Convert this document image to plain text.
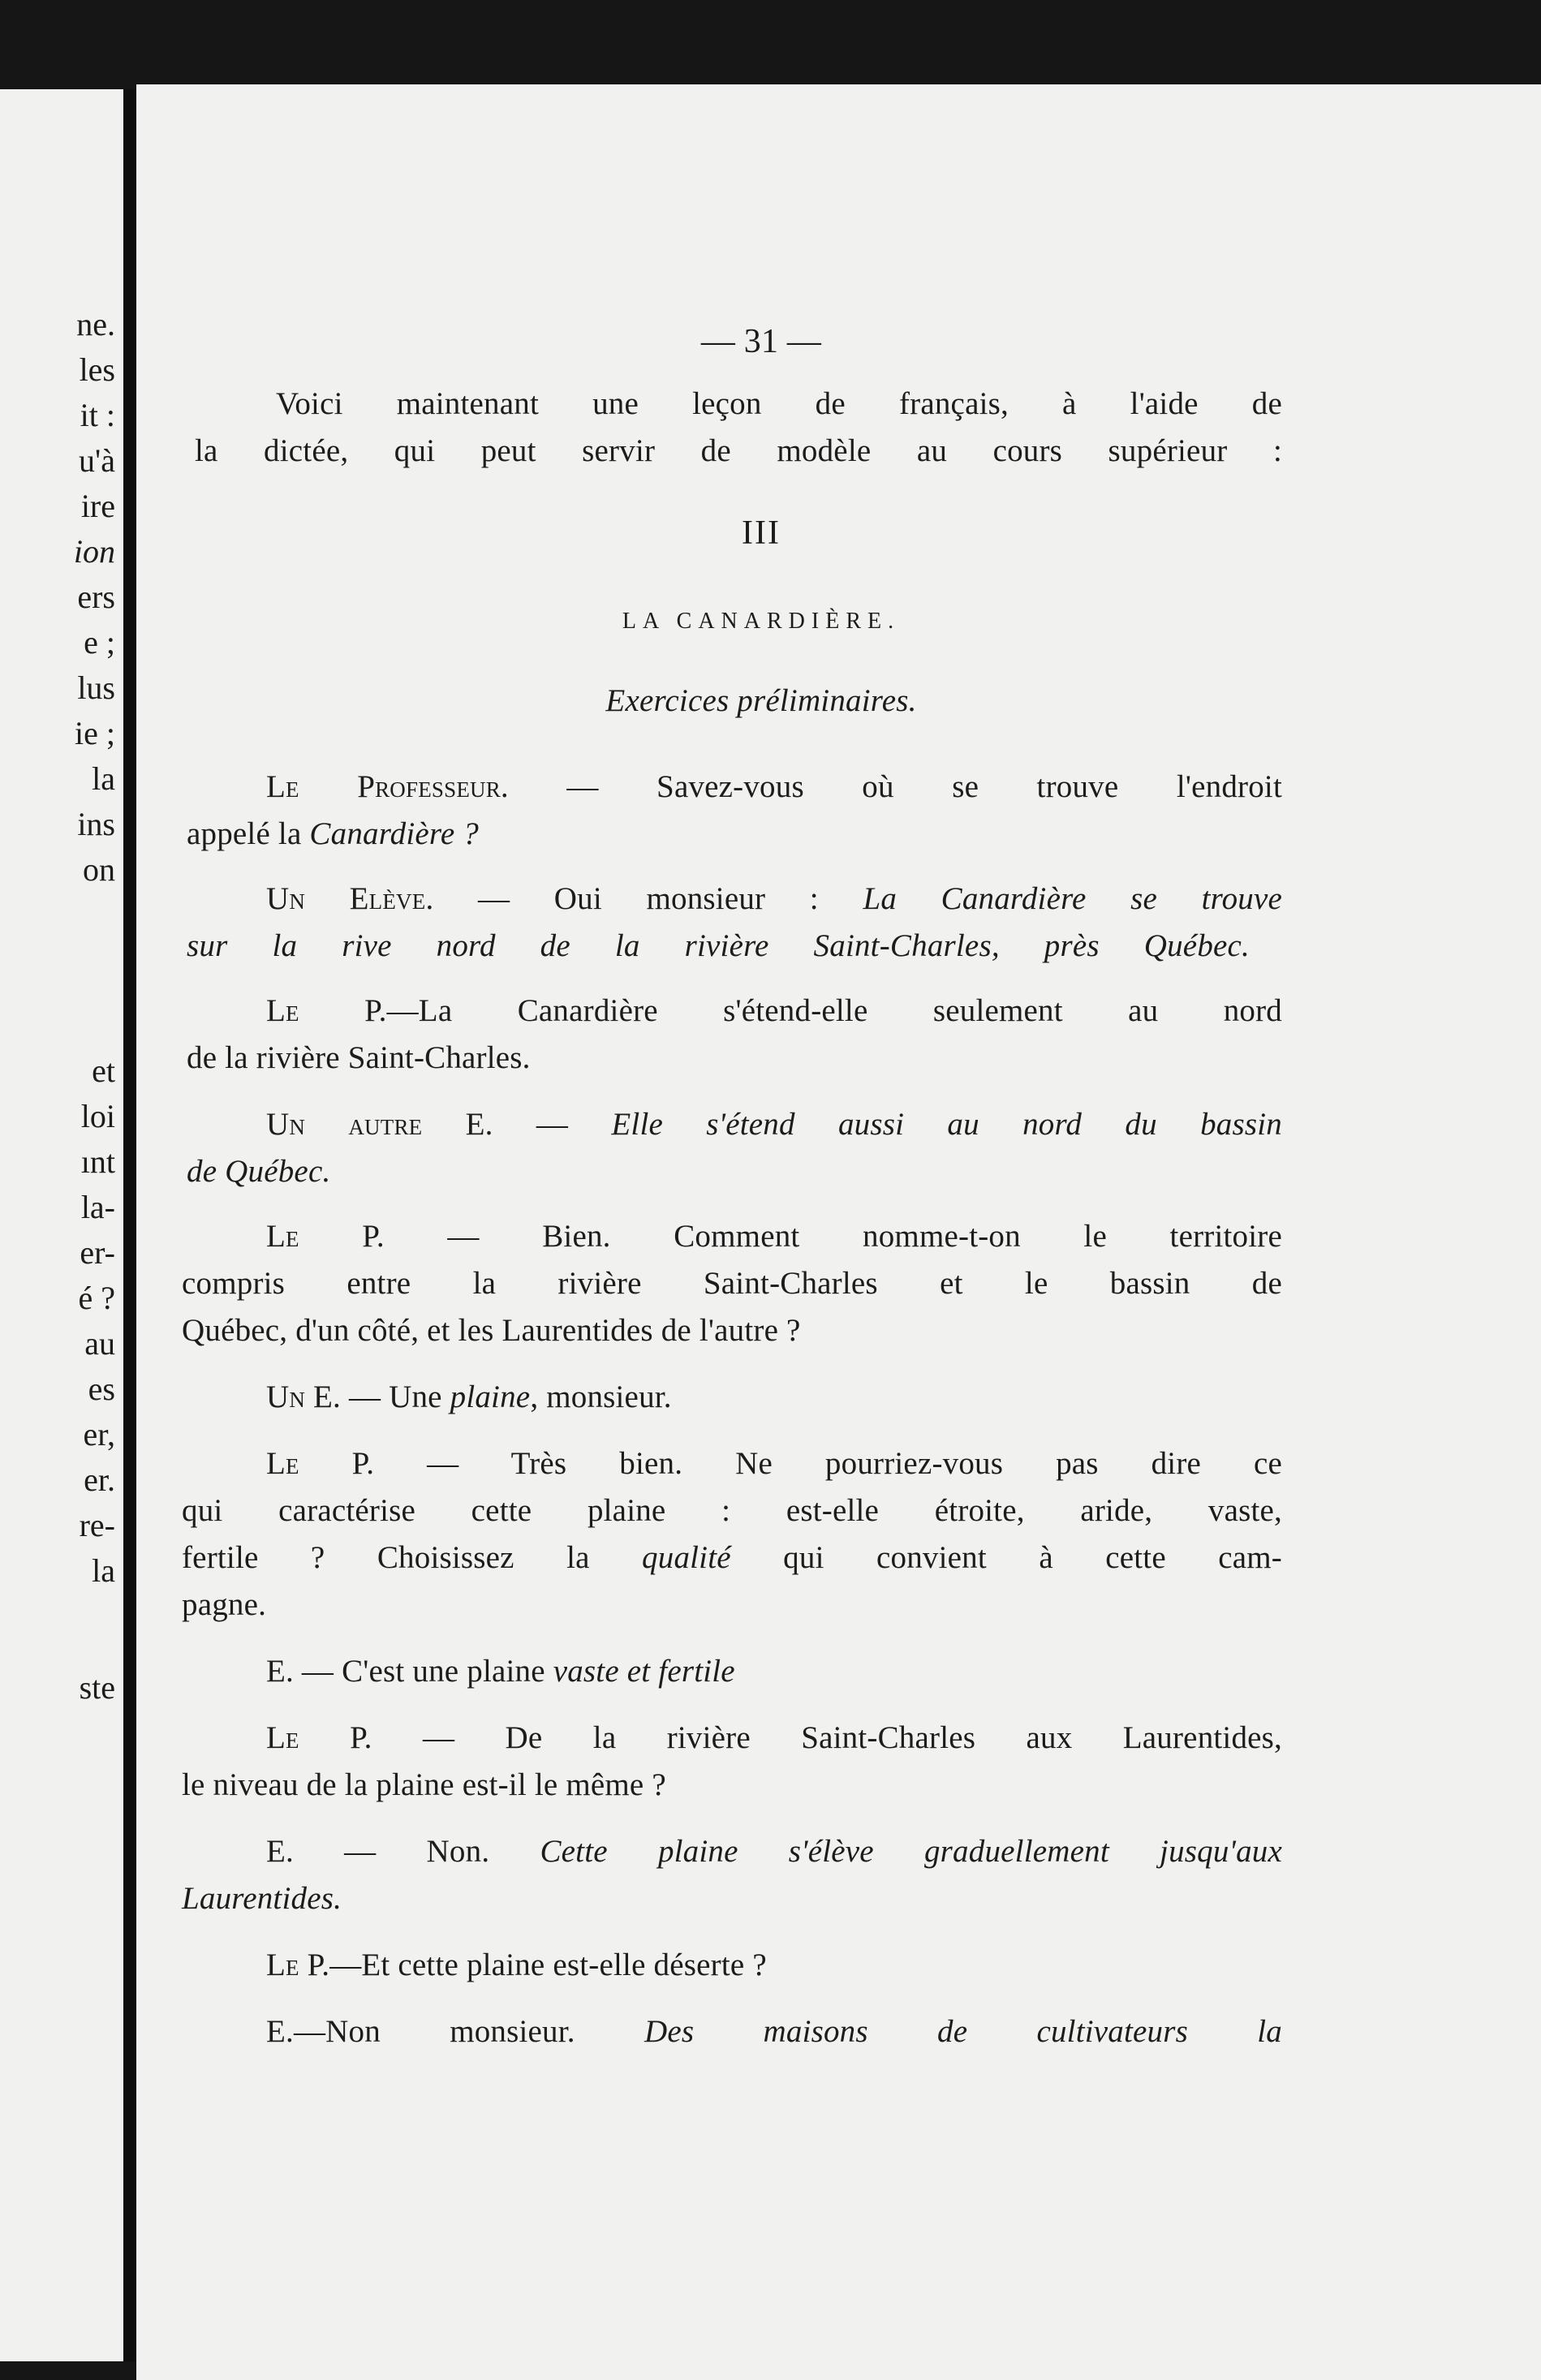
ne.
les
it :
u'à
ire
ion
ers
e ;
lus
ie ;
la
ins
on
et
loi
ınt
la-
er-
é ?
au
es
er,
er.
re-
la
ste

— 31 —

Voici maintenant une leçon de français, à l'aide de

la dictée, qui peut servir de modèle au cours supérieur :

III

LA CANARDIÈRE.

Exercices préliminaires.

Le Professeur. — Savez-vous où se trouve l'endroit

appelé la Canardière ?

Un Elève. — Oui monsieur : La Canardière se trouve

sur la rive nord de la rivière Saint-Charles, près Québec.

Le P.—La Canardière s'étend-elle seulement au nord

de la rivière Saint-Charles.

Un autre E. — Elle s'étend aussi au nord du bassin

de Québec.

Le P. — Bien. Comment nomme-t-on le territoire

compris entre la rivière Saint-Charles et le bassin de

Québec, d'un côté, et les Laurentides de l'autre ?

Un E. — Une plaine, monsieur.

Le P. — Très bien. Ne pourriez-vous pas dire ce

qui caractérise cette plaine : est-elle étroite, aride, vaste,

fertile ? Choisissez la qualité qui convient à cette cam-

pagne.

E. — C'est une plaine vaste et fertile

Le P. — De la rivière Saint-Charles aux Laurentides,

le niveau de la plaine est-il le même ?

E. — Non. Cette plaine s'élève graduellement jusqu'aux

Laurentides.

Le P.—Et cette plaine est-elle déserte ?

E.—Non monsieur. Des maisons de cultivateurs la
